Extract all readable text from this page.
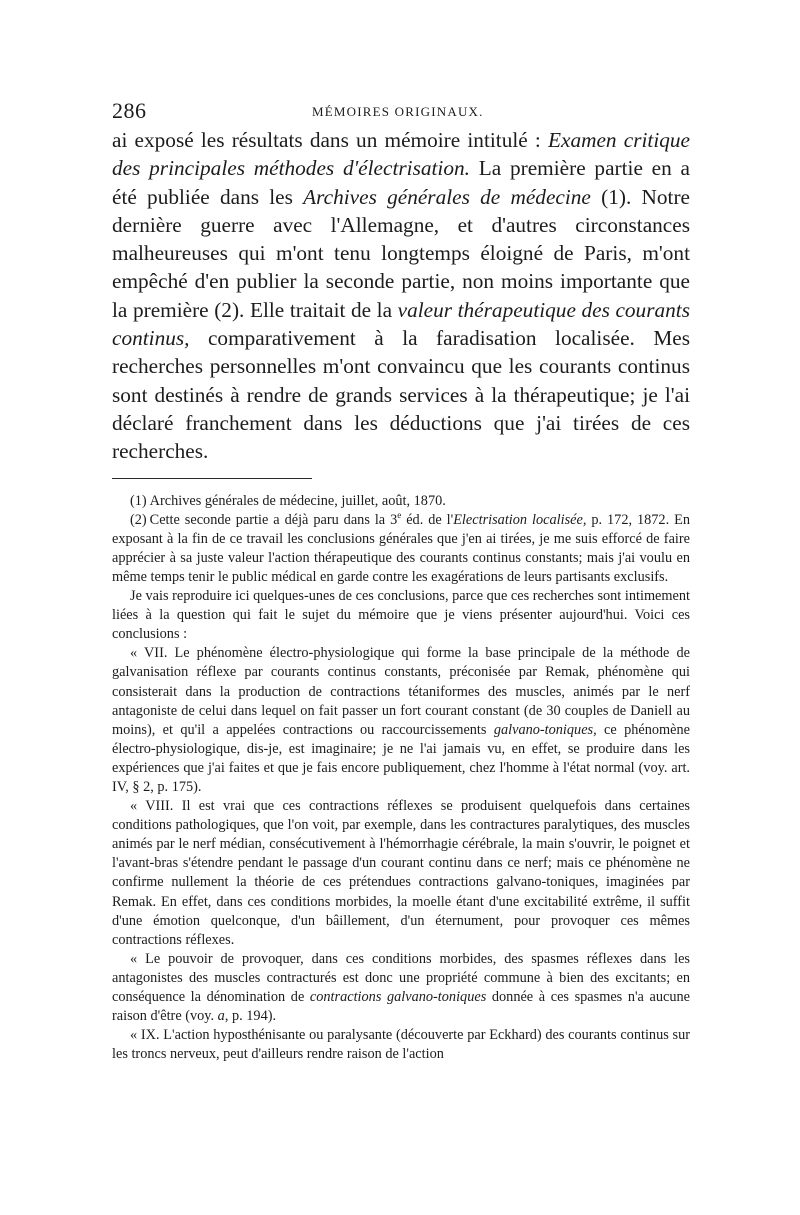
286	MÉMOIRES ORIGINAUX.

ai exposé les résultats dans un mémoire intitulé : Examen critique des principales méthodes d'électrisation. La première partie en a été publiée dans les Archives générales de médecine (1). Notre dernière guerre avec l'Allemagne, et d'autres circonstances malheureuses qui m'ont tenu longtemps éloigné de Paris, m'ont empêché d'en publier la seconde partie, non moins importante que la première (2). Elle traitait de la valeur thérapeutique des courants continus, comparativement à la faradisation localisée. Mes recherches personnelles m'ont convaincu que les courants continus sont destinés à rendre de grands services à la thérapeutique; je l'ai déclaré franchement dans les déductions que j'ai tirées de ces recherches.

(1) Archives générales de médecine, juillet, août, 1870.

(2) Cette seconde partie a déjà paru dans la 3e éd. de l'Electrisation localisée, p. 172, 1872. En exposant à la fin de ce travail les conclusions générales que j'en ai tirées, je me suis efforcé de faire apprécier à sa juste valeur l'action thérapeutique des courants continus constants; mais j'ai voulu en même temps tenir le public médical en garde contre les exagérations de leurs partisants exclusifs.

Je vais reproduire ici quelques-unes de ces conclusions, parce que ces recherches sont intimement liées à la question qui fait le sujet du mémoire que je viens présenter aujourd'hui. Voici ces conclusions :

« VII. Le phénomène électro-physiologique qui forme la base principale de la méthode de galvanisation réflexe par courants continus constants, préconisée par Remak, phénomène qui consisterait dans la production de contractions tétaniformes des muscles, animés par le nerf antagoniste de celui dans lequel on fait passer un fort courant constant (de 30 couples de Daniell au moins), et qu'il a appelées contractions ou raccourcissements galvano-toniques, ce phénomène électro-physiologique, dis-je, est imaginaire; je ne l'ai jamais vu, en effet, se produire dans les expériences que j'ai faites et que je fais encore publiquement, chez l'homme à l'état normal (voy. art. IV, § 2, p. 175).

« VIII. Il est vrai que ces contractions réflexes se produisent quelquefois dans certaines conditions pathologiques, que l'on voit, par exemple, dans les contractures paralytiques, des muscles animés par le nerf médian, consécutivement à l'hémorrhagie cérébrale, la main s'ouvrir, le poignet et l'avant-bras s'étendre pendant le passage d'un courant continu dans ce nerf; mais ce phénomène ne confirme nullement la théorie de ces prétendues contractions galvano-toniques, imaginées par Remak. En effet, dans ces conditions morbides, la moelle étant d'une excitabilité extrême, il suffit d'une émotion quelconque, d'un bâillement, d'un éternument, pour provoquer ces mêmes contractions réflexes.

« Le pouvoir de provoquer, dans ces conditions morbides, des spasmes réflexes dans les antagonistes des muscles contracturés est donc une propriété commune à bien des excitants; en conséquence la dénomination de contractions galvano-toniques donnée à ces spasmes n'a aucune raison d'être (voy. a, p. 194).

« IX. L'action hyposthénisante ou paralysante (découverte par Eckhard) des courants continus sur les troncs nerveux, peut d'ailleurs rendre raison de l'action
